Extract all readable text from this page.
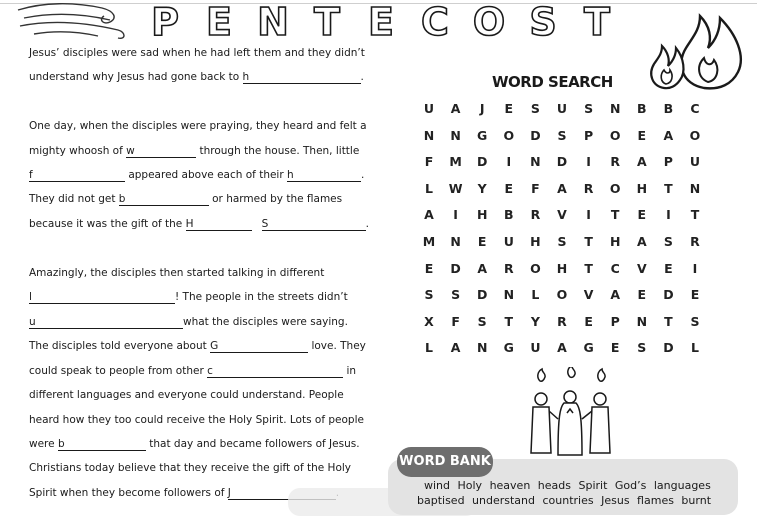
P E N T E C O S T
Jesus’ disciples were sad when he had left them and they didn’t
understand why Jesus had gone back to h	.
One day, when the disciples were praying, they heard and felt a
mighty whoosh of w	through the house. Then, little
f	appeared above each of their h	.
They did not get b	or harmed by the flames
because it was the gift of the H	S	.
Amazingly, the disciples then started talking in different
l	! The people in the streets didn’t
u	what the disciples were saying.
The disciples told everyone about G	love. They
could speak to people from other c	in
different languages and everyone could understand. People
heard how they too could receive the Holy Spirit. Lots of people
were b	that day and became followers of Jesus.
Christians today believe that they receive the gift of the Holy
Spirit when they become followers of J
WORD SEARCH
U A	J	E S U S N B B C
N N G O D S P O E A O
F M D	I	N D	I	R A P U
L	W Y E F A R O H T N
A	I	H B R V	I	T E	I	T
M N E U H S T H A S R
E D A R O H T C V E	I
S S D N	L	O V A E D E
X F S T Y R E P N T S
L	A N G U A G E S D	L
WORD BANK
wind Holy heaven heads Spirit God’s languages
baptised understand countries Jesus flames burnt
